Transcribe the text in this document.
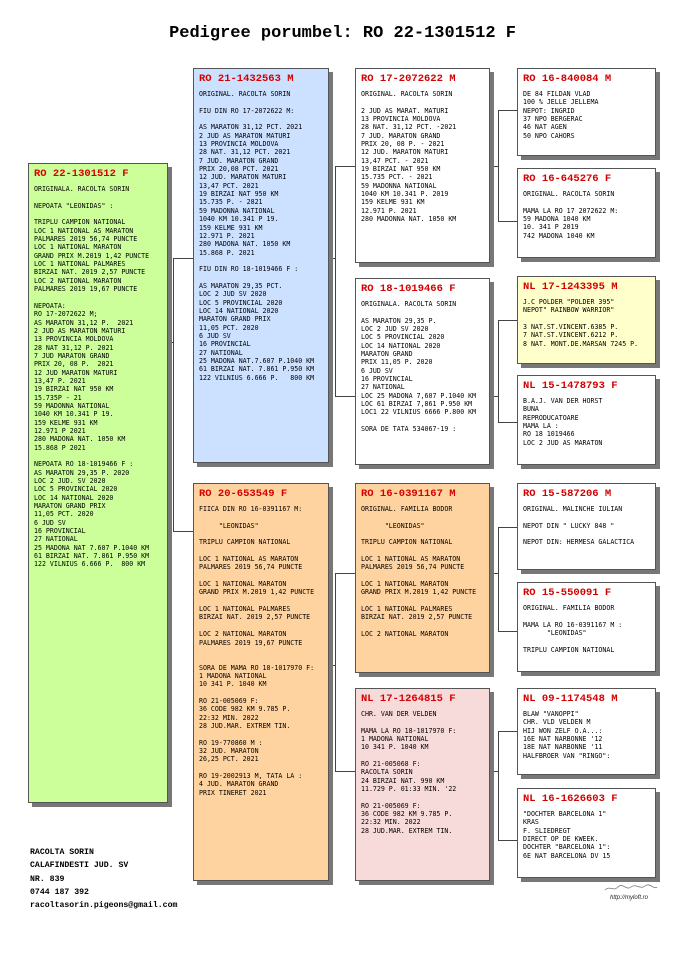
Pedigree porumbel: RO 22-1301512 F
RO 22-1301512 F
ORIGINALA. RACOLTA SORIN

NEPOATA "LEONIDAS" :

TRIPLU CAMPION NATIONAL
LOC 1 NATIONAL AS MARATON
PALMARES 2019 56,74 PUNCTE
LOC 1 NATIONAL MARATON
GRAND PRIX M.2019 1,42 PUNCTE
LOC 1 NATIONAL PALMARES
BIRZAI NAT. 2019 2,57 PUNCTE
LOC 2 NATIONAL MARATON
PALMARES 2019 19,67 PUNCTE

NEPOATA:
RO 17-2072622 M;
AS MARATON 31,12 P.  2021
2 JUD AS MARATON MATURI
13 PROVINCIA MOLDOVA
28 NAT 31,12 P. 2021
7 JUD MARATON GRAND
PRIX 20, 08 P.  2021
12 JUD MARATON MATURI
13,47 P. 2021
19 BIRZAI NAT 950 KM
15.735P - 21
59 MADONNA NATIONAL
1040 KM 10.341 P 19.
159 KELME 931 KM
12.971 P 2021
280 MADONA NAT. 1050 KM
15.868 P 2021

NEPOATA RO 18-1019466 F :
AS MARATON 29,35 P. 2020
LOC 2 JUD. SV 2020
LOC 5 PROVINCIAL 2020
LOC 14 NATIONAL 2020
MARATON GRAND PRIX
11,05 PCT. 2020
6 JUD SV
16 PROVINCIAL
27 NATIONAL
25 MADONA NAT 7.607 P.1040 KM
61 BIRZAI NAT. 7.861 P.950 KM
122 VILNIUS 6.666 P.  800 KM
RO 21-1432563 M
ORIGINAL. RACOLTA SORIN

FIU DIN RO 17-2072622 M:

AS MARATON 31,12 PCT. 2021
2 JUD AS MARATON MATURI
13 PROVINCIA MOLDOVA
28 NAT. 31,12 PCT. 2021
7 JUD. MARATON GRAND
PRIX 20,08 PCT. 2021
12 JUD. MARATON MATURI
13,47 PCT. 2021
19 BIRZAI NAT 950 KM
15.735 P. - 2821
59 MADONNA NATIONAL
1040 KM 10.341 P 19.
159 KELME 931 KM
12.971 P. 2021
280 MADONA NAT. 1050 KM
15.868 P. 2021

FIU DIN RO 18-1019466 F :

AS MARATON 29,35 PCT.
LOC 2 JUD SV 2020
LOC 5 PROVINCIAL 2020
LOC 14 NATIONAL 2020
MARATON GRAND PRIX
11,05 PCT. 2020
6 JUD SV
16 PROVINCIAL
27 NATIONAL
25 MADONA NAT.7.607 P.1040 KM
61 BIRZAI NAT. 7.861 P.950 KM
122 VILNIUS 6.666 P.   800 KM
RO 20-653549 F
FIICA DIN RO 16-0391167 M:

"LEONIDAS"

TRIPLU CAMPION NATIONAL

LOC 1 NATIONAL AS MARATON
PALMARES 2019 56,74 PUNCTE

LOC 1 NATIONAL MARATON
GRAND PRIX M.2019 1,42 PUNCTE

LOC 1 NATIONAL PALMARES
BIRZAI NAT. 2019 2,57 PUNCTE

LOC 2 NATIONAL MARATON
PALMARES 2019 19,67 PUNCTE

SORA DE MAMA RO 18-1017970 F:
1 MADONA NATIONAL
10 341 P. 1040 KM

RO 21-005069 F:
36 CODE 982 KM 9.785 P.
22:32 MIN. 2022
28 JUD.MAR. EXTREM TIN.

RO 19-770860 M :
32 JUD. MARATON
26,25 PCT. 2021

RO 19-2002913 M, TATA LA :
4 JUD. MARATON GRAND
PRIX TINERET 2021
RO 17-2072622 M
ORIGINAL. RACOLTA SORIN

2 JUD AS MARAT. MATURI
13 PROVINCIA MOLDOVA
28 NAT. 31,12 PCT. -2021
7 JUD. MARATON GRAND
PRIX 20, 08 P. - 2021
12 JUD. MARATON MATURI
13,47 PCT. - 2021
19 BIRZAI NAT 950 KM
15.735 PCT. - 2021
59 MADONNA NATIONAL
1040 KM 10.341 P. 2019
159 KELME 931 KM
12.971 P. 2021
280 MADONNA NAT. 1050 KM
RO 18-1019466 F
ORIGINALA. RACOLTA SORIN

AS MARATON 29,35 P.
LOC 2 JUD SV 2020
LOC 5 PROVINCIAL 2020
LOC 14 NATIONAL 2020
MARATON GRAND
PRIX 11,05 P. 2020
6 JUD SV
16 PROVINCIAL
27 NATIONAL
LOC 25 MADONA 7,607 P.1040 KM
LOC 61 BIRZAI 7,861 P.950 KM
LOC1 22 VILNIUS 6666 P.800 KM

SORA DE TATA 534067-19 :
RO 16-0391167 M
ORIGINAL. FAMILIA BODOR

"LEONIDAS"

TRIPLU CAMPION NATIONAL

LOC 1 NATIONAL AS MARATON
PALMARES 2019 56,74 PUNCTE

LOC 1 NATIONAL MARATON
GRAND PRIX M.2019 1,42 PUNCTE

LOC 1 NATIONAL PALMARES
BIRZAI NAT. 2019 2,57 PUNCTE

LOC 2 NATIONAL MARATON
NL 17-1264815 F
CHR. VAN DER VELDEN

MAMA LA RO 18-1017970 F:
1 MADONA NATIONAL
10 341 P. 1040 KM

RO 21-005068 F:
RACOLTA SORIN
24 BIRZAI NAT. 990 KM
11.729 P. 01:33 MIN. '22

RO 21-005069 F:
36 CODE 982 KM 9.785 P.
22:32 MIN. 2022
28 JUD.MAR. EXTREM TIN.
RO 16-840084 M
DE 84 FILDAN VLAD
100 % JELLE JELLEMA
NEPOT: INGRID
37 NPO BERGERAC
46 NAT AGEN
50 NPO CAHORS
RO 16-645276 F
ORIGINAL. RACOLTA SORIN

MAMA LA RO 17 2072622 M:
59 MADONA 1040 KM
10. 341 P 2019
742 MADONA 1040 KM
NL 17-1243395 M
J.C POLDER "POLDER 395"
NEPOT" RAINBOW WARRIOR"

3 NAT.ST.VINCENT.6385 P.
7 NAT.ST.VINCENT.6212 P.
8 NAT. MONT.DE.MARSAN 7245 P.
NL 15-1478793 F
B.A.J. VAN DER HORST
BUNA
REPRODUCATOARE
MAMA LA :
RO 18 1019466
LOC 2 JUD AS MARATON
RO 15-587206 M
ORIGINAL. MALINCHE IULIAN

NEPOT DIN " LUCKY 848 "

NEPOT DIN: HERMESA GALACTICA
RO 15-550091 F
ORIGINAL. FAMILIA BODOR

MAMA LA RO 16-0391167 M :
"LEONIDAS"

TRIPLU CAMPION NATIONAL
NL 09-1174548 M
BLAW "VANOPPI"
CHR. VLD VELDEN M
HIJ WON ZELF O.A...:
16E NAT NARBONNE '12
18E NAT NARBONNE '11
HALFBROER VAN "RINGO":
NL 16-1626603 F
"DOCHTER BARCELONA 1"
KRAS
F. SLIEDREGT
DIRECT OP DE KWEEK.
DOCHTER "BARCELONA 1":
6E NAT BARCELONA DV 15
RACOLTA SORIN
CALAFINDESTI JUD. SV
NR. 839
0744 187 392
racoltasorin.pigeons@gmail.com
http://myloft.ro
